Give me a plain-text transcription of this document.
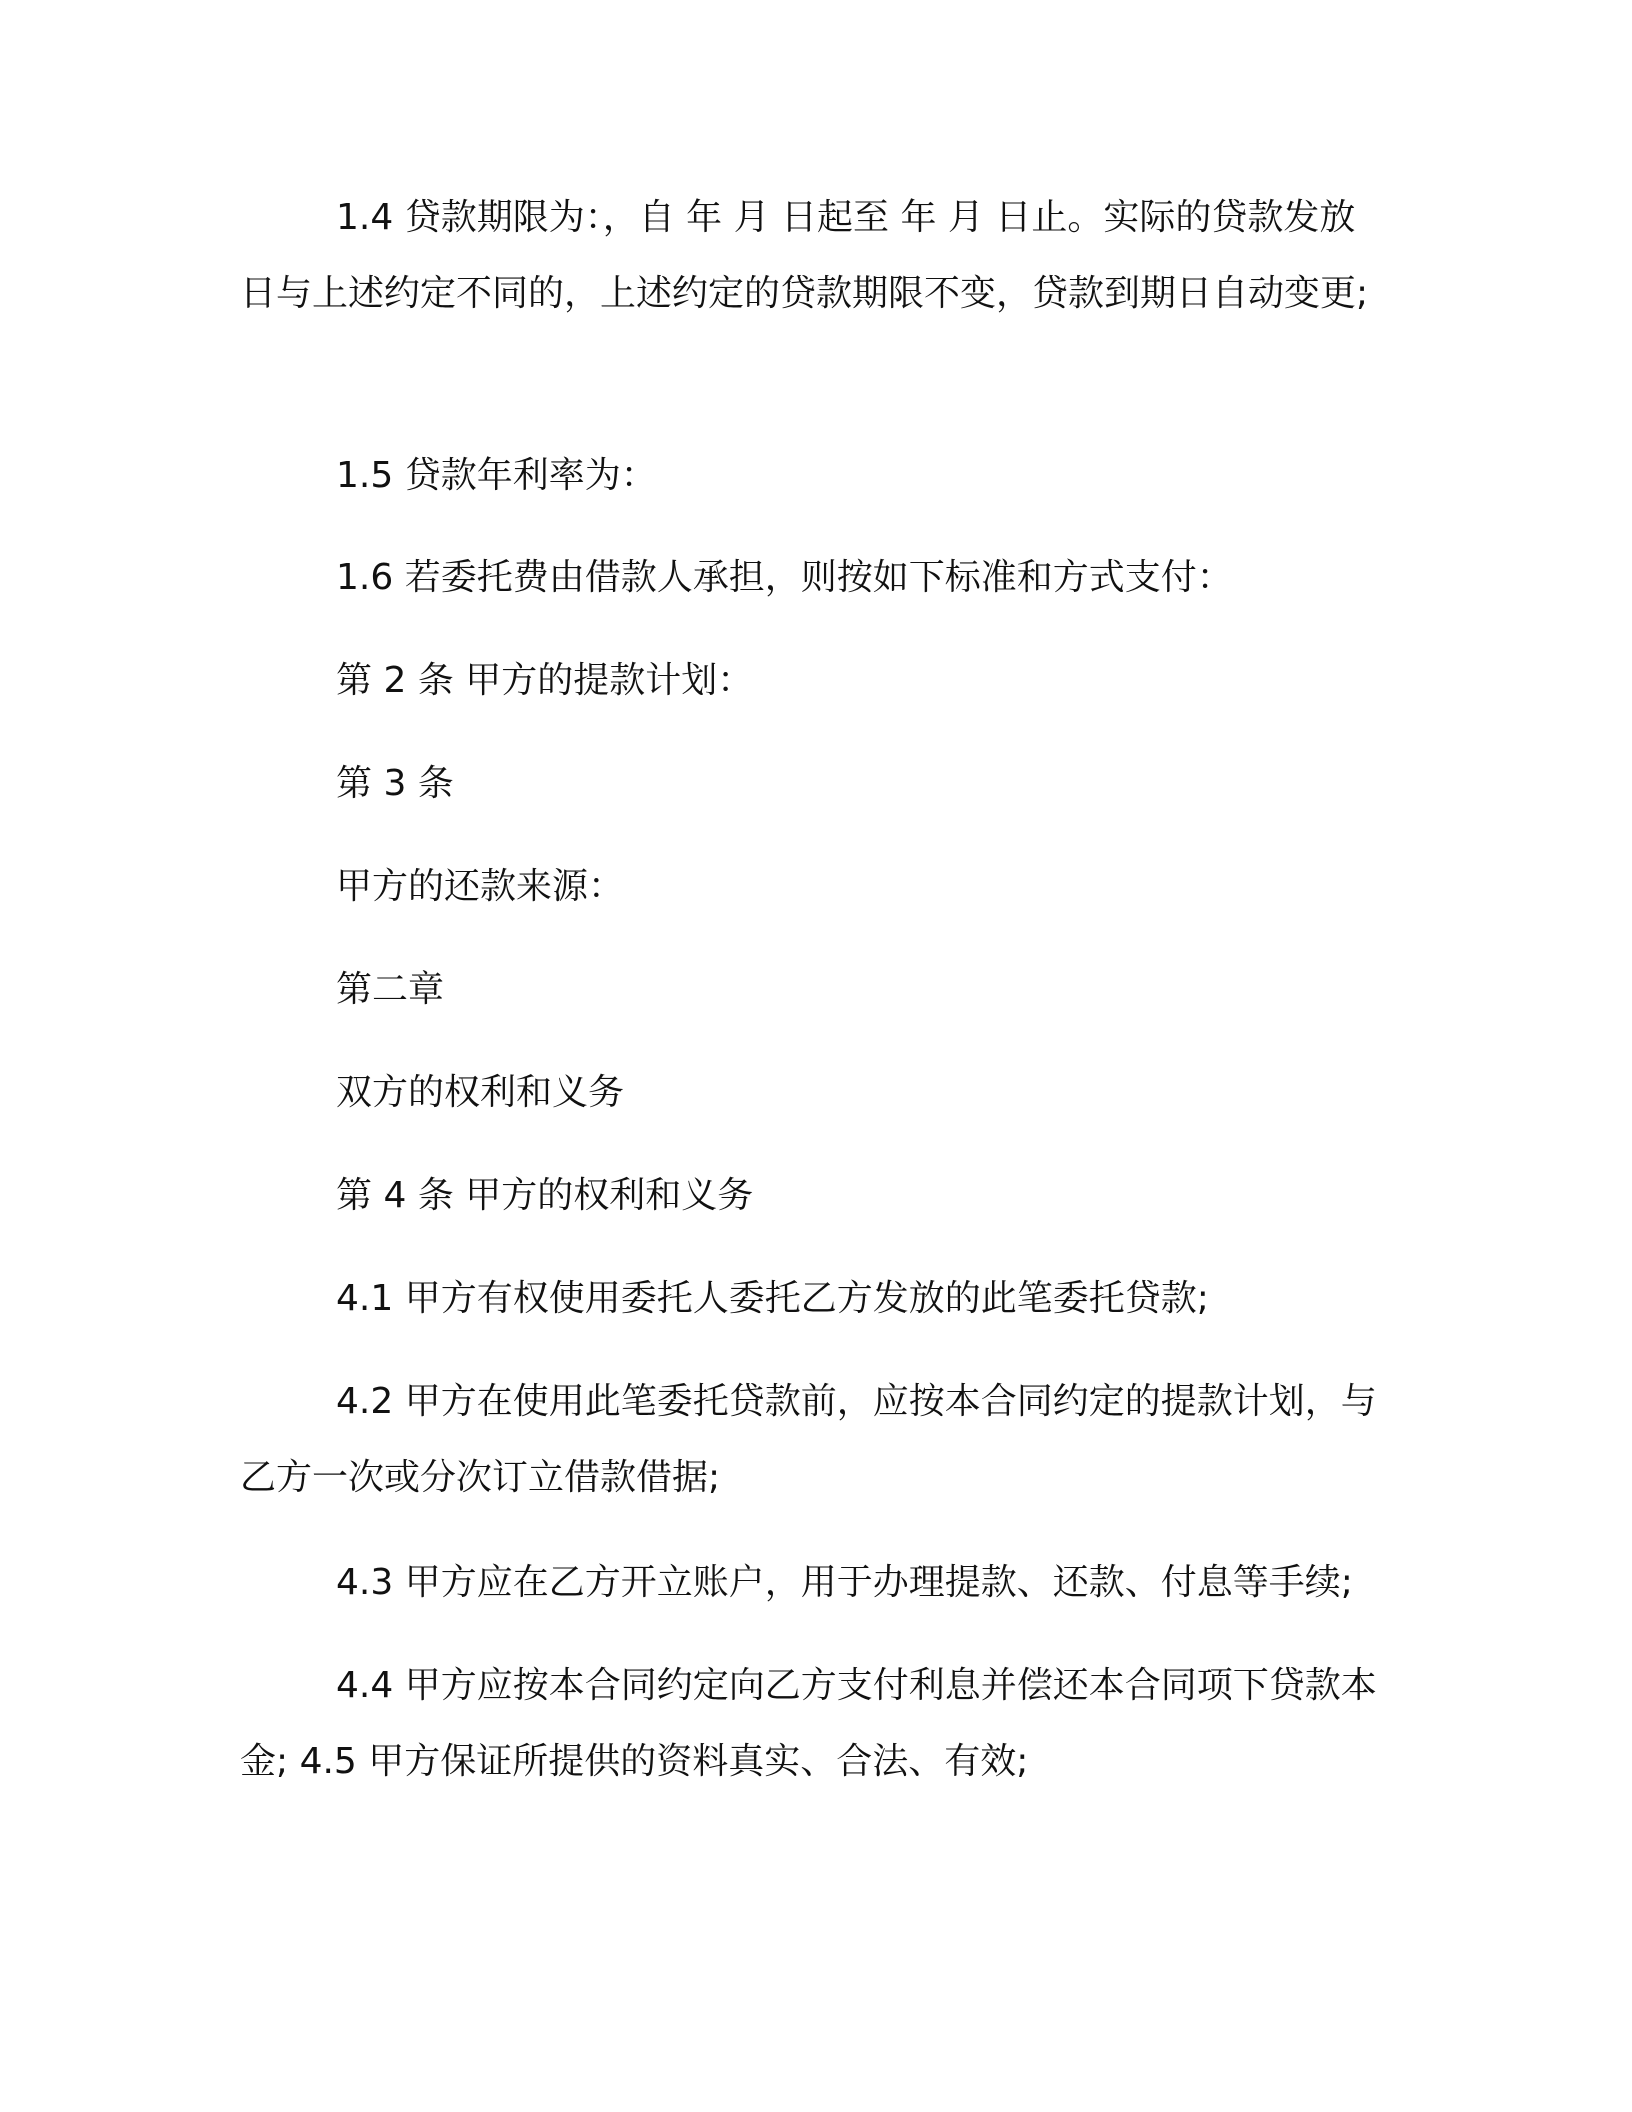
1.4 贷款期限为：，自 年 月 日起至 年 月 日止。实际的贷款发放日与上述约定不同的，上述约定的贷款期限不变，贷款到期日自动变更;

1.5 贷款年利率为：

1.6 若委托费由借款人承担，则按如下标准和方式支付：

第 2 条 甲方的提款计划：

第 3 条

甲方的还款来源：

第二章

双方的权利和义务

第 4 条 甲方的权利和义务

4.1 甲方有权使用委托人委托乙方发放的此笔委托贷款;

4.2 甲方在使用此笔委托贷款前，应按本合同约定的提款计划，与乙方一次或分次订立借款借据;

4.3 甲方应在乙方开立账户，用于办理提款、还款、付息等手续;

4.4 甲方应按本合同约定向乙方支付利息并偿还本合同项下贷款本金; 4.5 甲方保证所提供的资料真实、合法、有效;
